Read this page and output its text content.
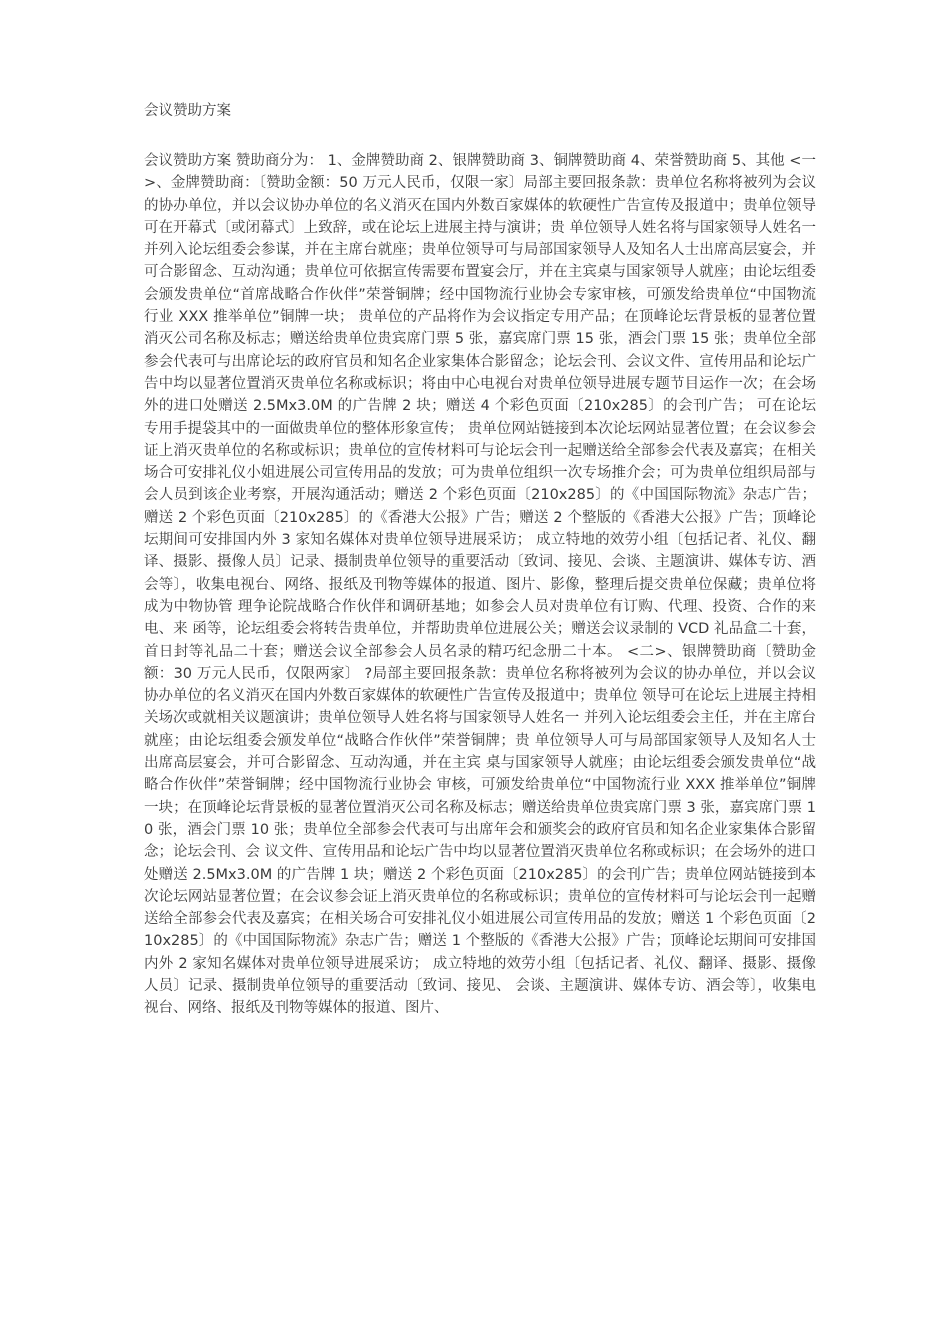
会议赞助方案

会议赞助方案 赞助商分为： 1、金牌赞助商 2、银牌赞助商 3、铜牌赞助商 4、荣誉赞助商 5、其他 <一>、金牌赞助商：〔赞助金额：50 万元人民币，仅限一家〕局部主要回报条款：贵单位名称将被列为会议的协办单位，并以会议协办单位的名义消灭在国内外数百家媒体的软硬性广告宣传及报道中；贵单位领导可在开幕式〔或闭幕式〕上致辞，或在论坛上进展主持与演讲；贵 单位领导人姓名将与国家领导人姓名一并列入论坛组委会参谋，并在主席台就座；贵单位领导可与局部国家领导人及知名人士出席高层宴会，并可合影留念、互动沟通；贵单位可依据宣传需要布置宴会厅，并在主宾桌与国家领导人就座；由论坛组委会颁发贵单位“首席战略合作伙伴”荣誉铜牌；经中国物流行业协会专家审核，可颁发给贵单位“中国物流行业 XXX 推举单位”铜牌一块； 贵单位的产品将作为会议指定专用产品；在顶峰论坛背景板的显著位置消灭公司名称及标志；赠送给贵单位贵宾席门票 5 张，嘉宾席门票 15 张，酒会门票 15 张；贵单位全部参会代表可与出席论坛的政府官员和知名企业家集体合影留念；论坛会刊、会议文件、宣传用品和论坛广告中均以显著位置消灭贵单位名称或标识；将由中心电视台对贵单位领导进展专题节目运作一次；在会场外的进口处赠送 2.5Mx3.0M 的广告牌 2 块；赠送 4 个彩色页面〔210x285〕的会刊广告； 可在论坛专用手提袋其中的一面做贵单位的整体形象宣传； 贵单位网站链接到本次论坛网站显著位置；在会议参会证上消灭贵单位的名称或标识；贵单位的宣传材料可与论坛会刊一起赠送给全部参会代表及嘉宾；在相关场合可安排礼仪小姐进展公司宣传用品的发放；可为贵单位组织一次专场推介会；可为贵单位组织局部与会人员到该企业考察，开展沟通活动；赠送 2 个彩色页面〔210x285〕的《中国国际物流》杂志广告；赠送 2 个彩色页面〔210x285〕的《香港大公报》广告；赠送 2 个整版的《香港大公报》广告；顶峰论坛期间可安排国内外 3 家知名媒体对贵单位领导进展采访； 成立特地的效劳小组〔包括记者、礼仪、翻译、摄影、摄像人员〕记录、摄制贵单位领导的重要活动〔致词、接见、会谈、主题演讲、媒体专访、酒会等〕，收集电视台、网络、报纸及刊物等媒体的报道、图片、影像，整理后提交贵单位保藏；贵单位将成为中物协管 理争论院战略合作伙伴和调研基地；如参会人员对贵单位有订购、代理、投资、合作的来电、来 函等，论坛组委会将转告贵单位，并帮助贵单位进展公关；赠送会议录制的 VCD 礼品盒二十套， 首日封等礼品二十套；赠送会议全部参会人员名录的精巧纪念册二十本。 <二>、银牌赞助商〔赞助金额：30 万元人民币，仅限两家〕 ?局部主要回报条款：贵单位名称将被列为会议的协办单位，并以会议协办单位的名义消灭在国内外数百家媒体的软硬性广告宣传及报道中；贵单位 领导可在论坛上进展主持相关场次或就相关议题演讲；贵单位领导人姓名将与国家领导人姓名一 并列入论坛组委会主任，并在主席台就座；由论坛组委会颁发单位“战略合作伙伴”荣誉铜牌；贵 单位领导人可与局部国家领导人及知名人士出席高层宴会，并可合影留念、互动沟通，并在主宾 桌与国家领导人就座；由论坛组委会颁发贵单位“战略合作伙伴”荣誉铜牌；经中国物流行业协会 审核，可颁发给贵单位“中国物流行业 XXX 推举单位”铜牌一块；在顶峰论坛背景板的显著位置消灭公司名称及标志；赠送给贵单位贵宾席门票 3 张，嘉宾席门票 10 张，酒会门票 10 张；贵单位全部参会代表可与出席年会和颁奖会的政府官员和知名企业家集体合影留念；论坛会刊、会 议文件、宣传用品和论坛广告中均以显著位置消灭贵单位名称或标识；在会场外的进口处赠送 2.5Mx3.0M 的广告牌 1 块；赠送 2 个彩色页面〔210x285〕的会刊广告；贵单位网站链接到本次论坛网站显著位置；在会议参会证上消灭贵单位的名称或标识；贵单位的宣传材料可与论坛会刊一起赠送给全部参会代表及嘉宾；在相关场合可安排礼仪小姐进展公司宣传用品的发放；赠送 1 个彩色页面〔210x285〕的《中国国际物流》杂志广告；赠送 1 个整版的《香港大公报》广告；顶峰论坛期间可安排国内外 2 家知名媒体对贵单位领导进展采访； 成立特地的效劳小组〔包括记者、礼仪、翻译、摄影、摄像人员〕记录、摄制贵单位领导的重要活动〔致词、接见、 会谈、主题演讲、媒体专访、酒会等〕，收集电视台、网络、报纸及刊物等媒体的报道、图片、
